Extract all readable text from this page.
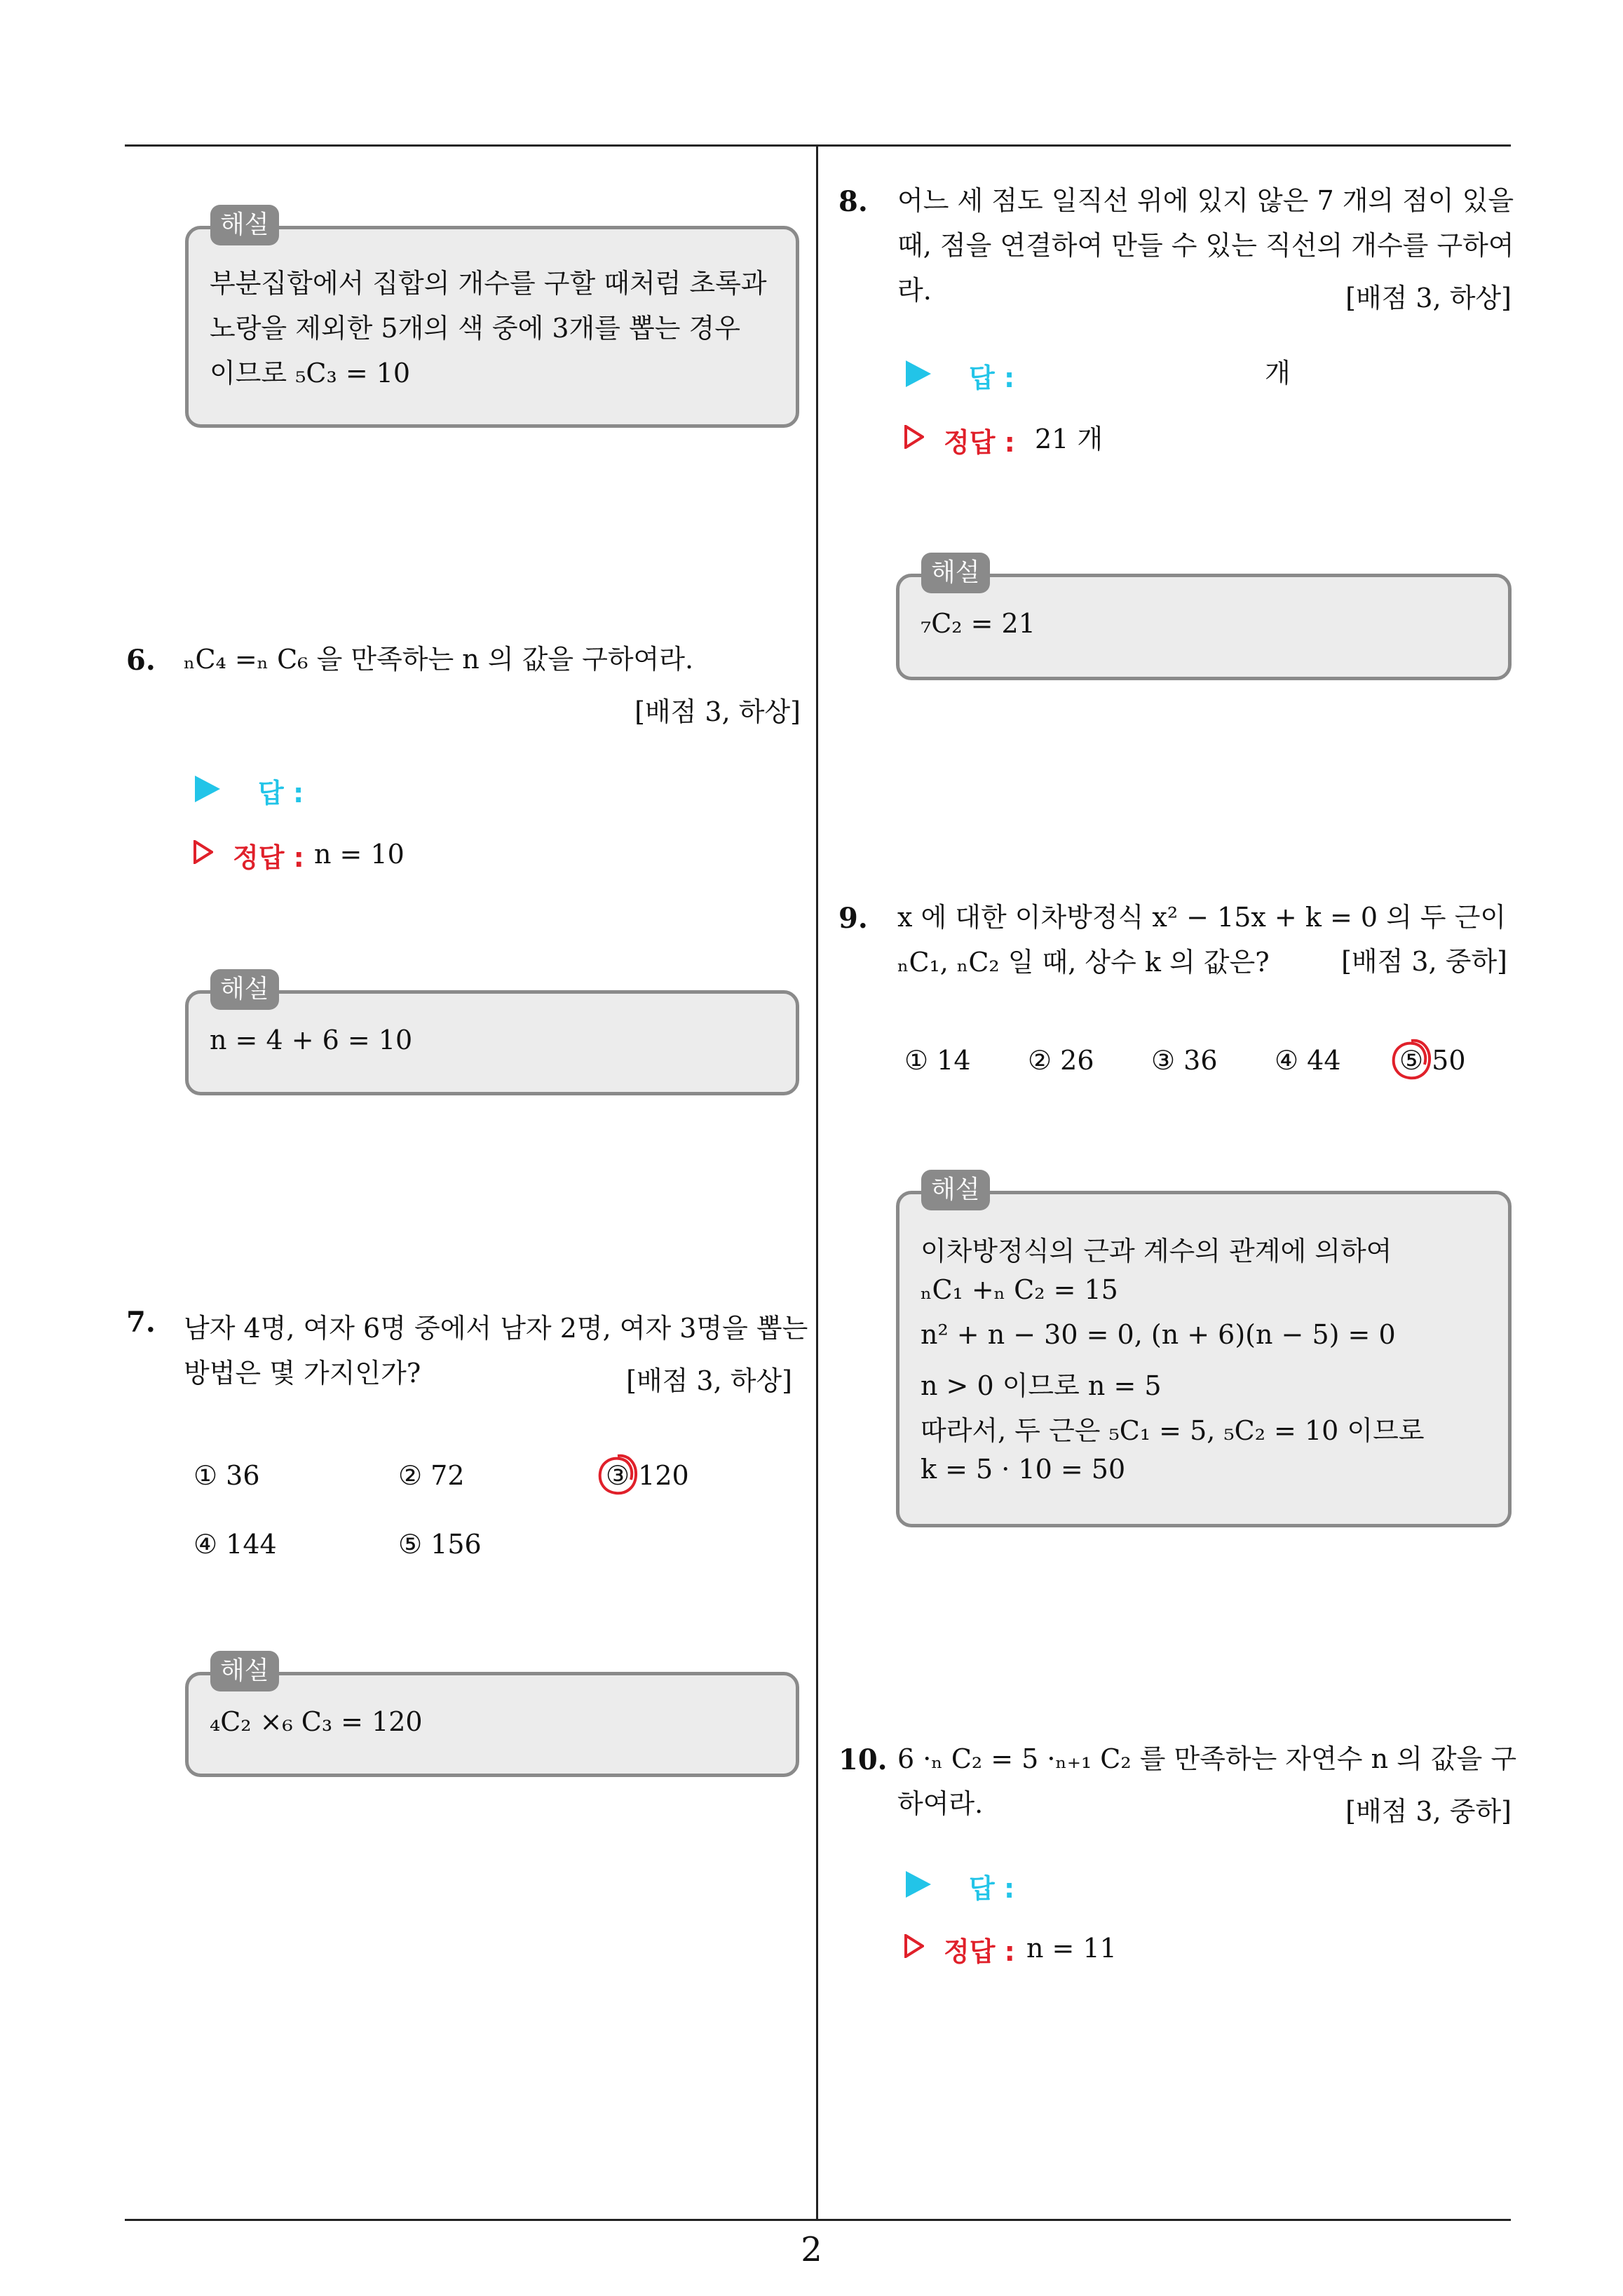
부분집합에서 집합의 개수를 구할 때처럼 초록과
노랑을 제외한 5개의 색 중에 3개를 뽑는 경우
이므로 ₅C₃ = 10
해설
6. ₙC₄ =ₙ C₆ 을 만족하는 n 의 값을 구하여라.
[배점 3, 하상]
답 :
정답 : n = 10
n = 4 + 6 = 10
해설
7. 남자 4명, 여자 6명 중에서 남자 2명, 여자 3명을 뽑는
방법은 몇 가지인가?	[배점 3, 하상]
① 36	② 72	③ 120
④ 144	⑤ 156
₄C₂ ×₆ C₃ = 120
해설
8. 어느 세 점도 일직선 위에 있지 않은 7 개의 점이 있을
때, 점을 연결하여 만들 수 있는 직선의 개수를 구하여
라.	[배점 3, 하상]
답 :	개
정답 : 21 개
₇C₂ = 21
해설
9. x 에 대한 이차방정식 x² − 15x + k = 0 의 두 근이
ₙC₁, ₙC₂ 일 때, 상수 k 의 값은?	[배점 3, 중하]
① 14 ② 26 ③ 36 ④ 44 ⑤ 50
이차방정식의 근과 계수의 관계에 의하여
ₙC₁ +ₙ C₂ = 15
n² + n − 30 = 0, (n + 6)(n − 5) = 0
n > 0 이므로 n = 5
따라서, 두 근은 ₅C₁ = 5, ₅C₂ = 10 이므로
k = 5 · 10 = 50
해설
10. 6 ·ₙ C₂ = 5 ·ₙ₊₁ C₂ 를 만족하는 자연수 n 의 값을 구
하여라.	[배점 3, 중하]
답 :
정답 : n = 11
2
